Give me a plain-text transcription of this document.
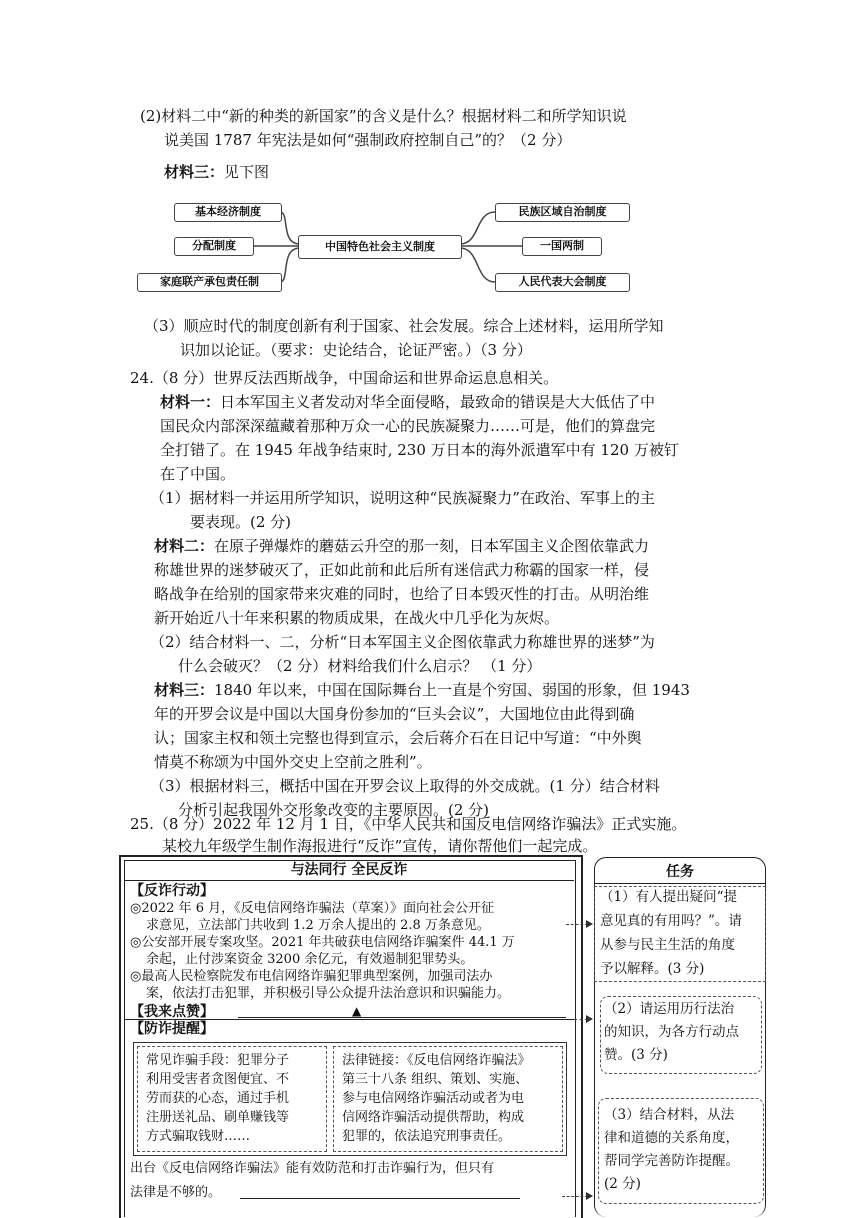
(2)材料二中“新的种类的新国家”的含义是什么？根据材料二和所学知识说
说美国 1787 年宪法是如何“强制政府控制自己”的？（2 分）
材料三：见下图
中国特色社会主义制度
基本经济制度
分配制度
家庭联产承包责任制
民族区域自治制度
一国两制
人民代表大会制度
（3）顺应时代的制度创新有利于国家、社会发展。综合上述材料，运用所学知
识加以论证。（要求：史论结合，论证严密。）（3 分）
24.（8 分）世界反法西斯战争，中国命运和世界命运息息相关。
材料一：日本军国主义者发动对华全面侵略，最致命的错误是大大低估了中
国民众内部深深蕴藏着那种万众一心的民族凝聚力……可是，他们的算盘完
全打错了。在 1945 年战争结束时, 230 万日本的海外派遣军中有 120 万被钉
在了中国。
（1）据材料一并运用所学知识，说明这种“民族凝聚力”在政治、军事上的主
要表现。(2 分)
材料二：在原子弹爆炸的蘑菇云升空的那一刻，日本军国主义企图依靠武力
称雄世界的迷梦破灭了，正如此前和此后所有迷信武力称霸的国家一样，侵
略战争在给别的国家带来灾难的同时，也给了日本毁灭性的打击。从明治维
新开始近八十年来积累的物质成果，在战火中几乎化为灰烬。
（2）结合材料一、二，分析“日本军国主义企图依靠武力称雄世界的迷梦”为
什么会破灭？（2 分）材料给我们什么启示？ （1 分）
材料三：1840 年以来，中国在国际舞台上一直是个穷国、弱国的形象，但 1943
年的开罗会议是中国以大国身份参加的“巨头会议”，大国地位由此得到确
认；国家主权和领土完整也得到宣示，会后蒋介石在日记中写道：“中外舆
情莫不称颂为中国外交史上空前之胜利”。
（3）根据材料三，概括中国在开罗会议上取得的外交成就。(1 分）结合材料
分析引起我国外交形象改变的主要原因。(2 分)
25.（8 分）2022 年 12 月 1 日，《中华人民共和国反电信网络诈骗法》正式实施。
某校九年级学生制作海报进行“反诈”宣传，请你帮他们一起完成。
与法同行 全民反诈
【反诈行动】
◎2022 年 6 月，《反电信网络诈骗法（草案）》面向社会公开征
求意见，立法部门共收到 1.2 万余人提出的 2.8 万条意见。
◎公安部开展专案攻坚。2021 年共破获电信网络诈骗案件 44.1 万
余起，止付涉案资金 3200 余亿元，有效遏制犯罪势头。
◎最高人民检察院发布电信网络诈骗犯罪典型案例，加强司法办
案，依法打击犯罪，并积极引导公众提升法治意识和识骗能力。
【我来点赞】	▲
【防诈提醒】
常见诈骗手段：犯罪分子
利用受害者贪图便宜、不
劳而获的心态，通过手机
注册送礼品、刷单赚钱等
方式骗取钱财……
法律链接：《反电信网络诈骗法》
第三十八条 组织、策划、实施、
参与电信网络诈骗活动或者为电
信网络诈骗活动提供帮助，构成
犯罪的，依法追究刑事责任。
出台《反电信网络诈骗法》能有效防范和打击诈骗行为，但只有
法律是不够的。
任务
（1）有人提出疑问“提
意见真的有用吗？”。请
从参与民主生活的角度
予以解释。(3 分)
（2）请运用历行法治
的知识，为各方行动点
赞。(3 分)
（3）结合材料，从法
律和道德的关系角度，
帮同学完善防诈提醒。
(2 分)
